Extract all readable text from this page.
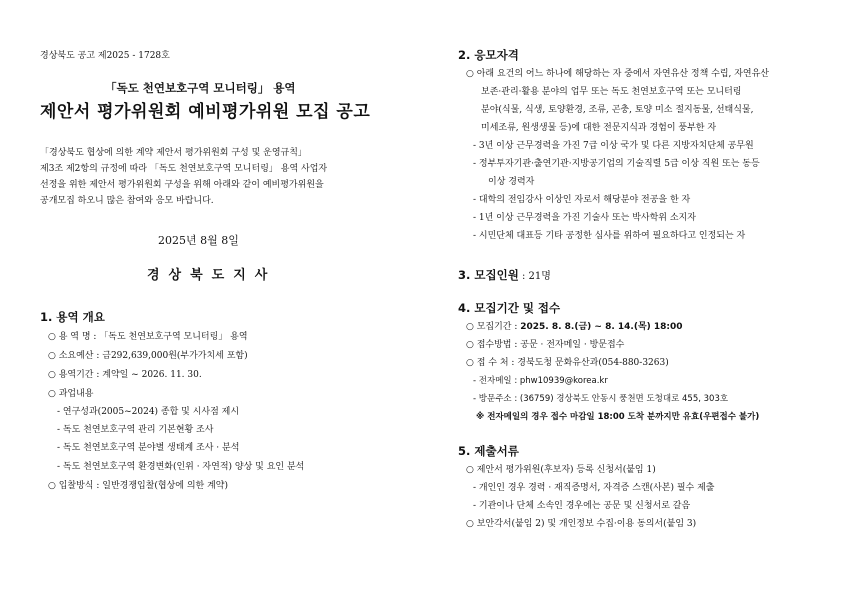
경상북도 공고 제2025 - 1728호
「독도 천연보호구역 모니터링」 용역
제안서 평가위원회 예비평가위원 모집 공고
「경상북도 협상에 의한 계약 제안서 평가위원회 구성 및 운영규칙」
제3조 제2항의 규정에 따라 「독도 천연보호구역 모니터링」 용역 사업자
선정을 위한 제안서 평가위원회 구성을 위해 아래와 같이 예비평가위원을
공개모집 하오니 많은 참여와 응모 바랍니다.
2025년 8월 8일
경상북도지사
1. 용역 개요
○ 용 역 명 : 「독도 천연보호구역 모니터링」 용역
○ 소요예산 : 금292,639,000원(부가가치세 포함)
○ 용역기간 : 계약일 ~ 2026. 11. 30.
○ 과업내용
- 연구성과(2005~2024) 종합 및 시사점 제시
- 독도 천연보호구역 관리 기본현황 조사
- 독도 천연보호구역 분야별 생태계 조사 · 분석
- 독도 천연보호구역 환경변화(인위 · 자연적) 양상 및 요인 분석
○ 입찰방식 : 일반경쟁입찰(협상에 의한 계약)
2. 응모자격
○ 아래 요건의 어느 하나에 해당하는 자 중에서 자연유산 정책 수립, 자연유산
보존·관리·활용 분야의 업무 또는 독도 천연보호구역 또는 모니터링
분야(식물, 식생, 토양환경, 조류, 곤충, 토양 미소 절지동물, 선태식물,
미세조류, 원생생물 등)에 대한 전문지식과 경험이 풍부한 자
- 3년 이상 근무경력을 가진 7급 이상 국가 및 다른 지방자치단체 공무원
- 정부투자기관·출연기관·지방공기업의 기술직렬 5급 이상 직원 또는 동등
이상 경력자
- 대학의 전임강사 이상인 자로서 해당분야 전공을 한 자
- 1년 이상 근무경력을 가진 기술사 또는 박사학위 소지자
- 시민단체 대표등 기타 공정한 심사를 위하여 필요하다고 인정되는 자
3. 모집인원 : 21명
4. 모집기간 및 접수
○ 모집기간 : 2025. 8. 8.(금) ~ 8. 14.(목) 18:00
○ 접수방법 : 공문 · 전자메일 · 방문접수
○ 접 수 처 : 경북도청 문화유산과(054-880-3263)
- 전자메일 : phw10939@korea.kr
- 방문주소 : (36759) 경상북도 안동시 풍천면 도청대로 455, 303호
※ 전자메일의 경우 접수 마감일 18:00 도착 분까지만 유효(우편접수 불가)
5. 제출서류
○ 제안서 평가위원(후보자) 등록 신청서(붙임 1)
- 개인인 경우 경력 · 재직증명서, 자격증 스캔(사본) 필수 제출
- 기관이나 단체 소속인 경우에는 공문 및 신청서로 갈음
○ 보안각서(붙임 2) 및 개인정보 수집·이용 동의서(붙임 3)
